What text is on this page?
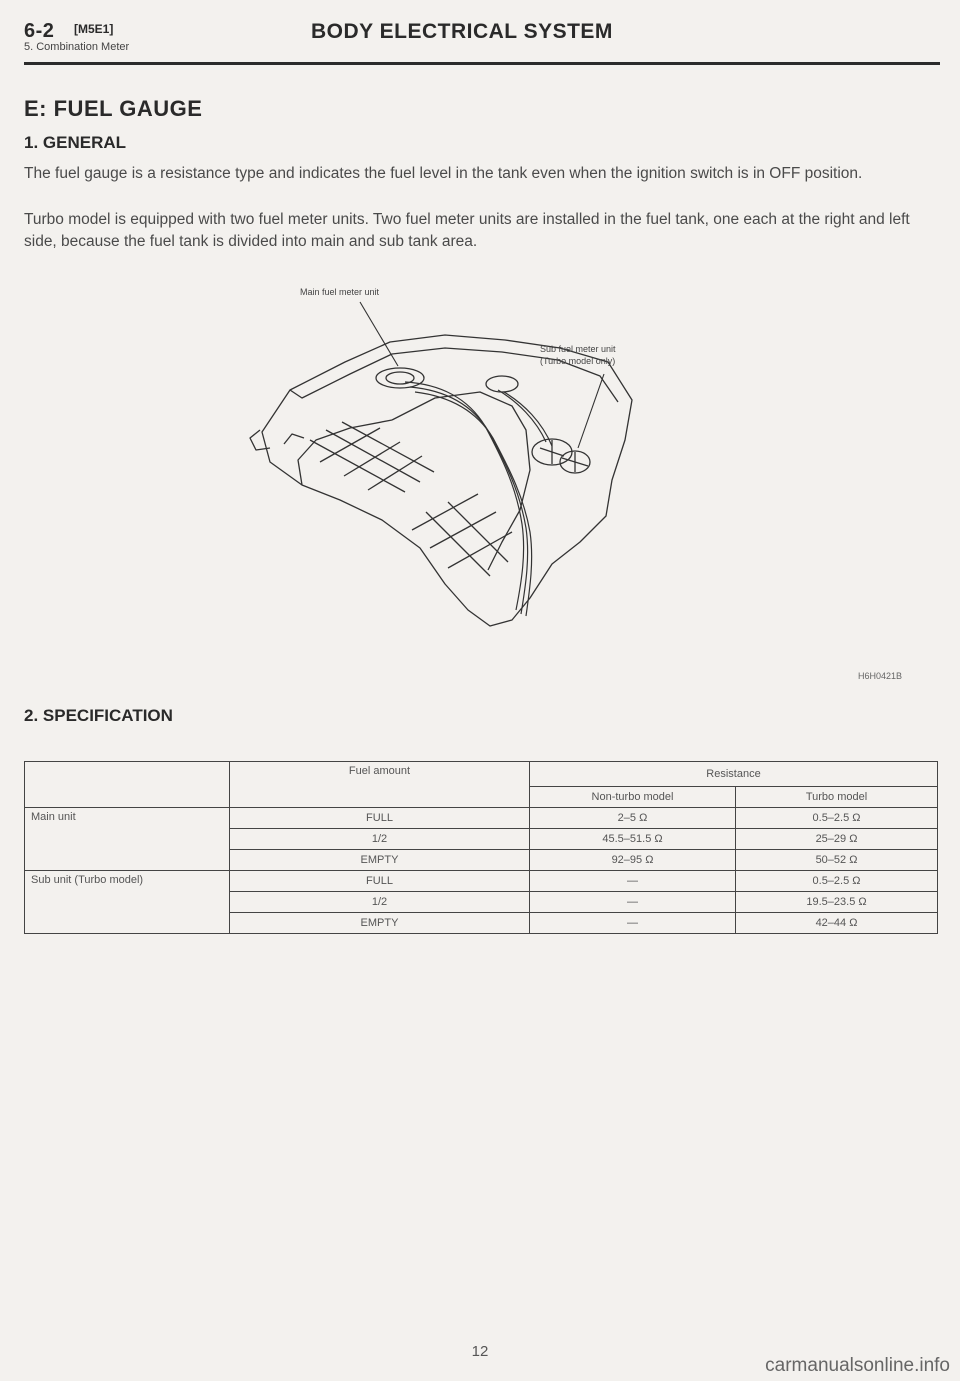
6-2 [M5E1]
5. Combination Meter
BODY ELECTRICAL SYSTEM
E: FUEL GAUGE
1. GENERAL

The fuel gauge is a resistance type and indicates the fuel level in the tank even when the ignition switch is in OFF position.

Turbo model is equipped with two fuel meter units. Two fuel meter units are installed in the fuel tank, one each at the right and left side, because the fuel tank is divided into main and sub tank area.

Main fuel meter unit
Sub fuel meter unit
(Turbo model only)
H6H0421B
2. SPECIFICATION
	Fuel amount	Resistance	
		Non-turbo model	Turbo model
Main unit	FULL	2–5 Ω	0.5–2.5 Ω
	1/2	45.5–51.5 Ω	25–29 Ω
	EMPTY	92–95 Ω	50–52 Ω
Sub unit (Turbo model)	FULL	—	0.5–2.5 Ω
	1/2	—	19.5–23.5 Ω
	EMPTY	—	42–44 Ω
12
carmanualsonline.info
